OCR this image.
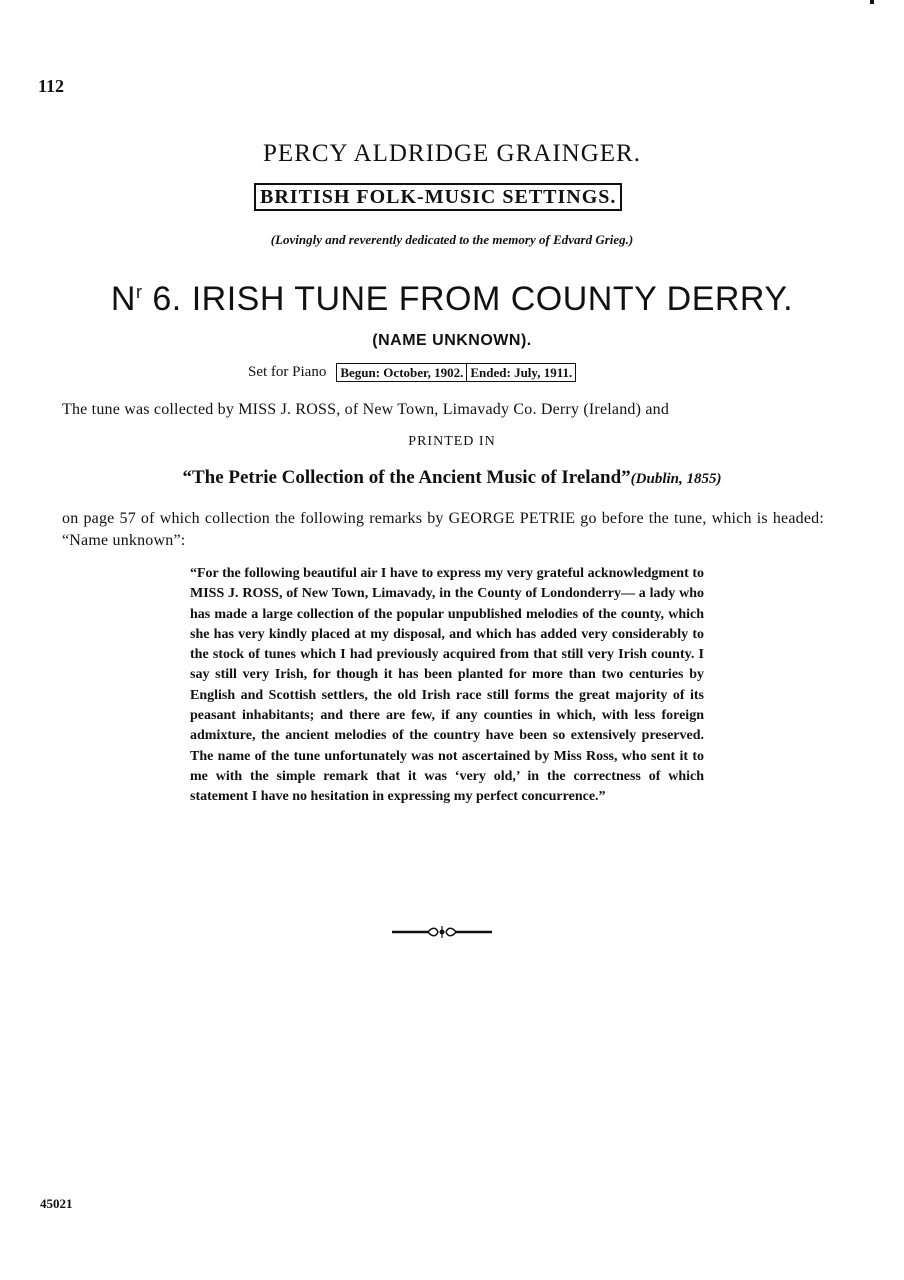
112
PERCY ALDRIDGE GRAINGER.
BRITISH FOLK-MUSIC SETTINGS.
(Lovingly and reverently dedicated to the memory of Edvard Grieg.)
$N^r$ 6. IRISH TUNE FROM COUNTY DERRY.
(NAME UNKNOWN).
Set for Piano	Begun: October, 1902. Ended: July, 1911.
The tune was collected by MISS J. ROSS, of New Town, Limavady Co. Derry (Ireland) and
PRINTED IN
“The Petrie Collection of the Ancient Music of Ireland”(Dublin, 1855)
on page 57 of which collection the following remarks by GEORGE PETRIE go before the tune, which is headed: “Name unknown”:
“For the following beautiful air I have to express my very grateful acknowledgment to MISS J. ROSS, of New Town, Limavady, in the County of Londonderry— a lady who has made a large collection of the popular unpublished melodies of the county, which she has very kindly placed at my disposal, and which has added very considerably to the stock of tunes which I had previously acquired from that still very Irish county. I say still very Irish, for though it has been planted for more than two centuries by English and Scottish settlers, the old Irish race still forms the great majority of its peasant inhabitants; and there are few, if any counties in which, with less foreign admixture, the ancient melodies of the country have been so extensively preserved. The name of the tune unfortunately was not ascertained by Miss Ross, who sent it to me with the simple remark that it was ‘very old,’ in the correctness of which statement I have no hesitation in expressing my perfect concurrence.”
45021
